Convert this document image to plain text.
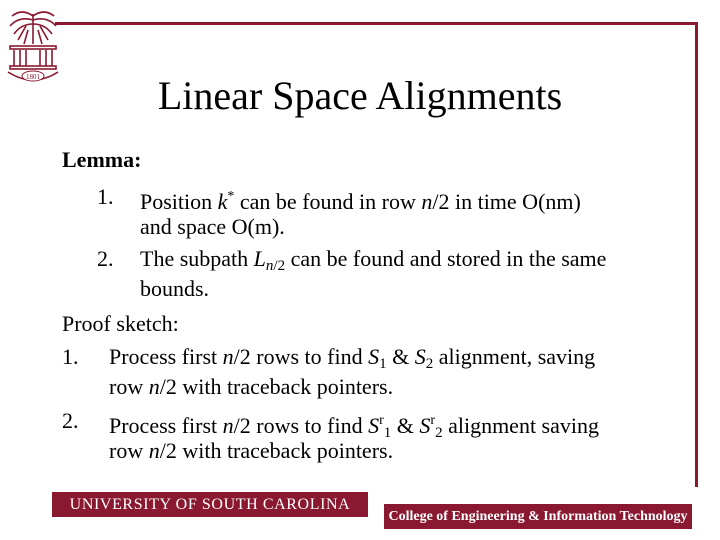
1801	Linear Space Alignments
Lemma:
1. Position k* can be found in row n/2 in time O(nm)
and space O(m).
2. The subpath $L_{n/2}$ can be found and stored in the same
bounds.
Proof sketch:
1. Process first n/2 rows to find $S_1$ & $S_2$ alignment, saving
row n/2 with traceback pointers.
2. Process first n/2 rows to find $S^r_1$ & $S^r_2$ alignment saving
row n/2 with traceback pointers.
UNIVERSITY OF SOUTH CAROLINA
College of Engineering & Information Technology
